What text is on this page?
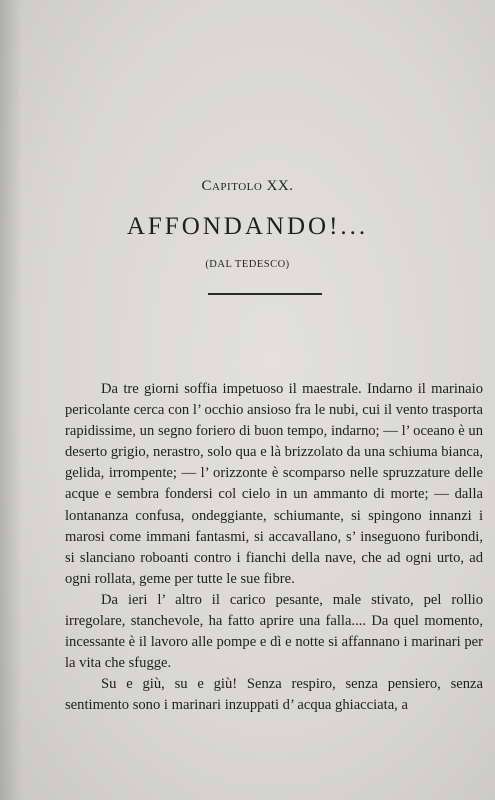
Capitolo XX.
AFFONDANDO!...
(DAL TEDESCO)

Da tre giorni soffia impetuoso il maestrale. Indarno il marinaio pericolante cerca con l’ occhio ansioso fra le nubi, cui il vento trasporta rapidissime, un segno foriero di buon tempo, indarno; — l’ oceano è un deserto grigio, nerastro, solo qua e là brizzolato da una schiuma bianca, gelida, irrompente; — l’ orizzonte è scomparso nelle spruzzature delle acque e sembra fondersi col cielo in un ammanto di morte; — dalla lontananza confusa, ondeggiante, schiumante, si spingono innanzi i marosi come immani fantasmi, si accavallano, s’ inseguono furibondi, si slanciano roboanti contro i fianchi della nave, che ad ogni urto, ad ogni rollata, geme per tutte le sue fibre.

Da ieri l’ altro il carico pesante, male stivato, pel rollio irregolare, stanchevole, ha fatto aprire una falla.... Da quel momento, incessante è il lavoro alle pompe e dì e notte si affannano i marinari per la vita che sfugge.

Su e giù, su e giù! Senza respiro, senza pensiero, senza sentimento sono i marinari inzuppati d’ acqua ghiacciata, a
